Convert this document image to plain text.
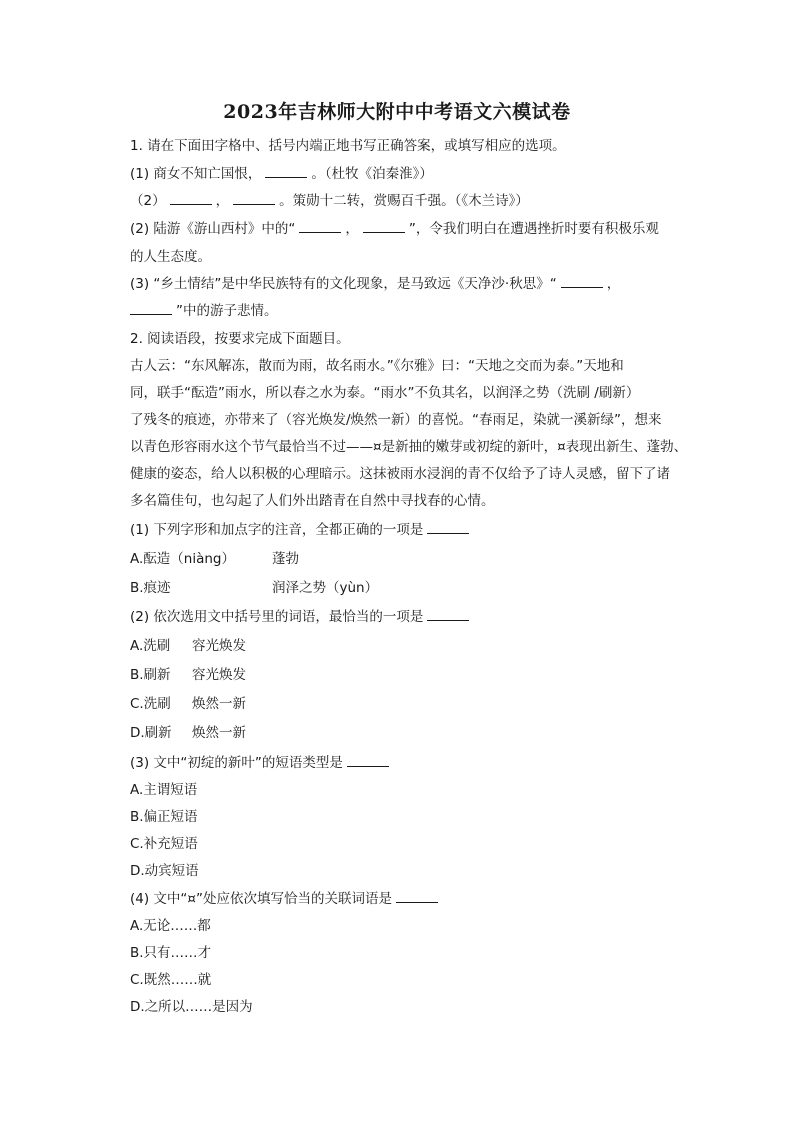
2023年吉林师大附中中考语文六模试卷
1. 请在下面田字格中、括号内端正地书写正确答案，或填写相应的选项。
(1) 商女不知亡国恨，	。（杜牧《泊秦淮》）
（2）	，	。策勋十二转，赏赐百千强。（《木兰诗》）
(2) 陆游《游山西村》中的“	，	”，令我们明白在遭遇挫折时要有积极乐观
的人生态度。
(3) “乡土情结”是中华民族特有的文化现象，是马致远《天净沙·秋思》“	，
”中的游子悲情。
2. 阅读语段，按要求完成下面题目。
古人云：“东风解冻，散而为雨，故名雨水。”《尔雅》曰：“天地之交而为泰。”天地和
同，联手“酝造”雨水，所以春之水为泰。“雨水”不负其名，以润泽之势（洗刷 /刷新）
了残冬的痕迹，亦带来了（容光焕发/焕然一新）的喜悦。“春雨足，染就一溪新绿”，想来
以青色形容雨水这个节气最恰当不过——¤是新抽的嫩芽或初绽的新叶，¤表现出新生、蓬勃、
健康的姿态，给人以积极的心理暗示。这抹被雨水浸润的青不仅给予了诗人灵感，留下了诸
多名篇佳句，也勾起了人们外出踏青在自然中寻找春的心情。
(1) 下列字形和加点字的注音，全都正确的一项是
A.酝造（niàng）	蓬勃
B.痕迹	润泽之势（yùn）
(2) 依次选用文中括号里的词语，最恰当的一项是
A.洗刷 容光焕发
B.刷新 容光焕发
C.洗刷 焕然一新
D.刷新 焕然一新
(3) 文中“初绽的新叶”的短语类型是
A.主谓短语
B.偏正短语
C.补充短语
D.动宾短语
(4) 文中“¤”处应依次填写恰当的关联词语是
A.无论……都
B.只有……才
C.既然……就
D.之所以……是因为
